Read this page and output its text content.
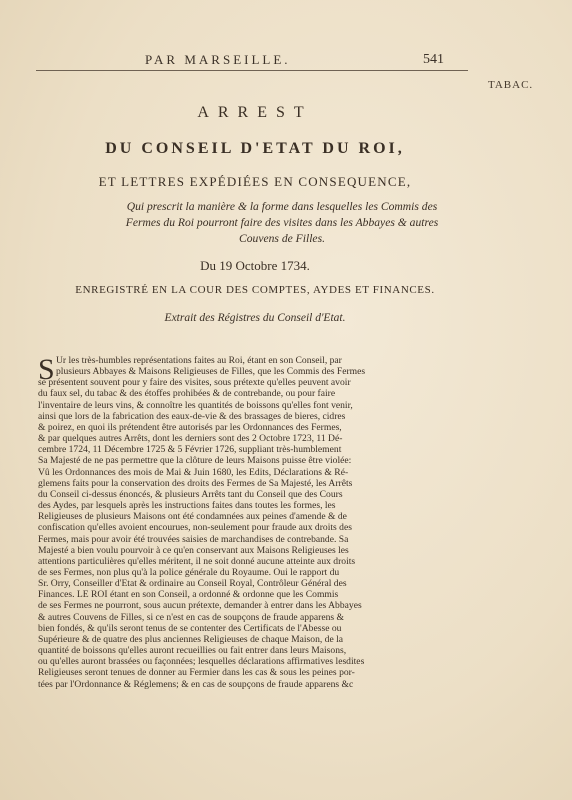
PAR MARSEILLE.	541
TABAC.
ARREST
DU CONSEIL D'ETAT DU ROI,
ET LETTRES EXPÉDIÉES EN CONSEQUENCE,
Qui prescrit la manière & la forme dans lesquelles les Commis des Fermes du Roi pourront faire des visites dans les Abbayes & autres Couvens de Filles.
Du 19 Octobre 1734.
ENREGISTRÉ EN LA COUR DES COMPTES, AYDES ET FINANCES.
Extrait des Régistres du Conseil d'Etat.
S Ur les très-humbles représentations faites au Roi, étant en son Conseil, par
plusieurs Abbayes & Maisons Religieuses de Filles, que les Commis des Fermes
se présentent souvent pour y faire des visites, sous prétexte qu'elles peuvent avoir
du faux sel, du tabac & des étoffes prohibées & de contrebande, ou pour faire
l'inventaire de leurs vins, & connoître les quantités de boissons qu'elles font venir,
ainsi que lors de la fabrication des eaux-de-vie & des brassages de bieres, cidres
& poirez, en quoi ils prétendent être autorisés par les Ordonnances des Fermes,
& par quelques autres Arrêts, dont les derniers sont des 2 Octobre 1723, 11 Dé-
cembre 1724, 11 Décembre 1725 & 5 Février 1726, suppliant très-humblement
Sa Majesté de ne pas permettre que la clôture de leurs Maisons puisse être violée:
Vû les Ordonnances des mois de Mai & Juin 1680, les Edits, Déclarations & Ré-
glemens faits pour la conservation des droits des Fermes de Sa Majesté, les Arrêts
du Conseil ci-dessus énoncés, & plusieurs Arrêts tant du Conseil que des Cours
des Aydes, par lesquels après les instructions faites dans toutes les formes, les
Religieuses de plusieurs Maisons ont été condamnées aux peines d'amende & de
confiscation qu'elles avoient encourues, non-seulement pour fraude aux droits des
Fermes, mais pour avoir été trouvées saisies de marchandises de contrebande. Sa
Majesté a bien voulu pourvoir à ce qu'en conservant aux Maisons Religieuses les
attentions particulières qu'elles méritent, il ne soit donné aucune atteinte aux droits
de ses Fermes, non plus qu'à la police générale du Royaume. Oui le rapport du
Sr. Orry, Conseiller d'Etat & ordinaire au Conseil Royal, Contrôleur Général des
Finances. LE ROI étant en son Conseil, a ordonné & ordonne que les Commis
de ses Fermes ne pourront, sous aucun prétexte, demander à entrer dans les Abbayes
& autres Couvens de Filles, si ce n'est en cas de soupçons de fraude apparens &
bien fondés, & qu'ils seront tenus de se contenter des Certificats de l'Abesse ou
Supérieure & de quatre des plus anciennes Religieuses de chaque Maison, de la
quantité de boissons qu'elles auront recueillies ou fait entrer dans leurs Maisons,
ou qu'elles auront brassées ou façonnées; lesquelles déclarations affirmatives lesdites
Religieuses seront tenues de donner au Fermier dans les cas & sous les peines por-
tées par l'Ordonnance & Réglemens; & en cas de soupçons de fraude apparens &c
